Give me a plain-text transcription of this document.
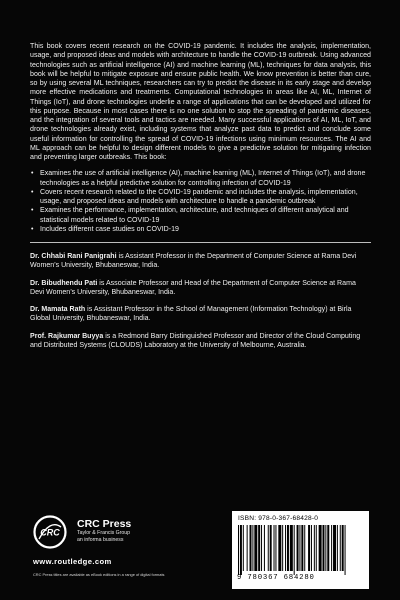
This book covers recent research on the COVID-19 pandemic. It includes the analysis, implementation, usage, and proposed ideas and models with architecture to handle the COVID-19 outbreak. Using advanced technologies such as artificial intelligence (AI) and machine learning (ML), techniques for data analysis, this book will be helpful to mitigate exposure and ensure public health. We know prevention is better than cure, so by using several ML techniques, researchers can try to predict the disease in its early stage and develop more effective medications and treatments. Computational technologies in areas like AI, ML, Internet of Things (IoT), and drone technologies underlie a range of applications that can be developed and utilized for this purpose. Because in most cases there is no one solution to stop the spreading of pandemic diseases, and the integration of several tools and tactics are needed. Many successful applications of AI, ML, IoT, and drone technologies already exist, including systems that analyze past data to predict and conclude some useful information for controlling the spread of COVID-19 infections using minimum resources. The AI and ML approach can be helpful to design different models to give a predictive solution for mitigating infection and preventing larger outbreaks. This book:

• Examines the use of artificial intelligence (AI), machine learning (ML), Internet of Things (IoT), and drone technologies as a helpful predictive solution for controlling infection of COVID-19
• Covers recent research related to the COVID-19 pandemic and includes the analysis, implementation, usage, and proposed ideas and models with architecture to handle a pandemic outbreak
• Examines the performance, implementation, architecture, and techniques of different analytical and statistical models related to COVID-19
• Includes different case studies on COVID-19

Dr. Chhabi Rani Panigrahi is Assistant Professor in the Department of Computer Science at Rama Devi Women’s University, Bhubaneswar, India.

Dr. Bibudhendu Pati is Associate Professor and Head of the Department of Computer Science at Rama Devi Women’s University, Bhubaneswar, India.

Dr. Mamata Rath is Assistant Professor in the School of Management (Information Technology) at Birla Global University, Bhubaneswar, India.

Prof. Rajkumar Buyya is a Redmond Barry Distinguished Professor and Director of the Cloud Computing and Distributed Systems (CLOUDS) Laboratory at the University of Melbourne, Australia.

CRC
CRC Press
Taylor & Francis Group
an informa business
www.routledge.com
CRC Press titles are available as eBook editions in a range of digital formats
ISBN: 978-0-367-68428-0
9 780367 684280
